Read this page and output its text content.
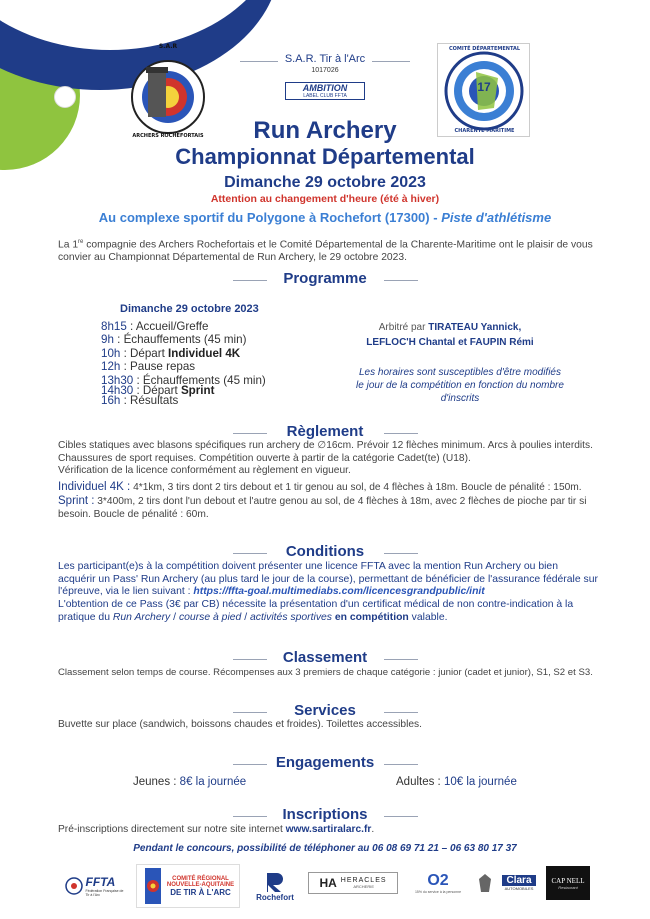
S.A.R
ARCHERS ROCHEFORTAIS
S.A.R. Tir à l'Arc
1017026
AMBITION
LABEL CLUB FFTA
17
COMITÉ DÉPARTEMENTAL
CHARENTE MARITIME
Run Archery
Championnat Départemental
Dimanche 29 octobre 2023
Attention au changement d'heure (été à hiver)
Au complexe sportif du Polygone à Rochefort (17300) - Piste d'athlétisme
La 1re compagnie des Archers Rochefortais et le Comité Départemental de la Charente-Maritime ont le plaisir de vous convier au Championnat Départemental de Run Archery, le 29 octobre 2023.
Programme
Dimanche 29 octobre 2023
8h15 : Accueil/Greffe
9h : Échauffements (45 min)
10h : Départ Individuel 4K
12h : Pause repas
13h30 : Échauffements (45 min)
14h30 : Départ Sprint
16h : Résultats
Arbitré par TIRATEAU Yannick,
LEFLOC'H Chantal et FAUPIN Rémi
Les horaires sont susceptibles d'être modifiés
le jour de la compétition en fonction du nombre
d'inscrits
Règlement
Cibles statiques avec blasons spécifiques run archery de ∅16cm. Prévoir 12 flèches minimum. Arcs à poulies interdits. Chaussures de sport requises. Compétition ouverte à partir de la catégorie Cadet(te) (U18).
Vérification de la licence conformément au règlement en vigueur.
Individuel 4K : 4*1km, 3 tirs dont 2 tirs debout et 1 tir genou au sol, de 4 flèches à 18m. Boucle de pénalité : 150m.
Sprint : 3*400m, 2 tirs dont l'un debout et l'autre genou au sol, de 4 flèches à 18m, avec 2 flèches de pioche par tir si besoin. Boucle de pénalité : 60m.
Conditions
Les participant(e)s à la compétition doivent présenter une licence FFTA avec la mention Run Archery ou bien acquérir un Pass' Run Archery (au plus tard le jour de la course), permettant de bénéficier de l'assurance fédérale sur l'épreuve, via le lien suivant : https://ffta-goal.multimediabs.com/licencesgrandpublic/init
L'obtention de ce Pass (3€ par CB) nécessite la présentation d'un certificat médical de non contre-indication à la pratique du Run Archery / course à pied / activités sportives en compétition valable.
Classement
Classement selon temps de course. Récompenses aux 3 premiers de chaque catégorie : junior (cadet et junior), S1, S2 et S3.
Services
Buvette sur place (sandwich, boissons chaudes et froides). Toilettes accessibles.
Engagements
Jeunes : 8€ la journée	Adultes : 10€ la journée
Inscriptions
Pré-inscriptions directement sur notre site internet www.sartiralarc.fr.
Pendant le concours, possibilité de téléphoner au 06 08 69 71 21 – 06 63 80 17 37
FFTA
Fédération Française de Tir à l'Arc
COMITÉ RÉGIONAL
NOUVELLE-AQUITAINE
DE TIR À L'ARC
Rochefort
HA HERACLES
ARCHERIE	O2
15% du service à la personne
Clara
AUTOMOBILES
CAP NELL
Restaurant
